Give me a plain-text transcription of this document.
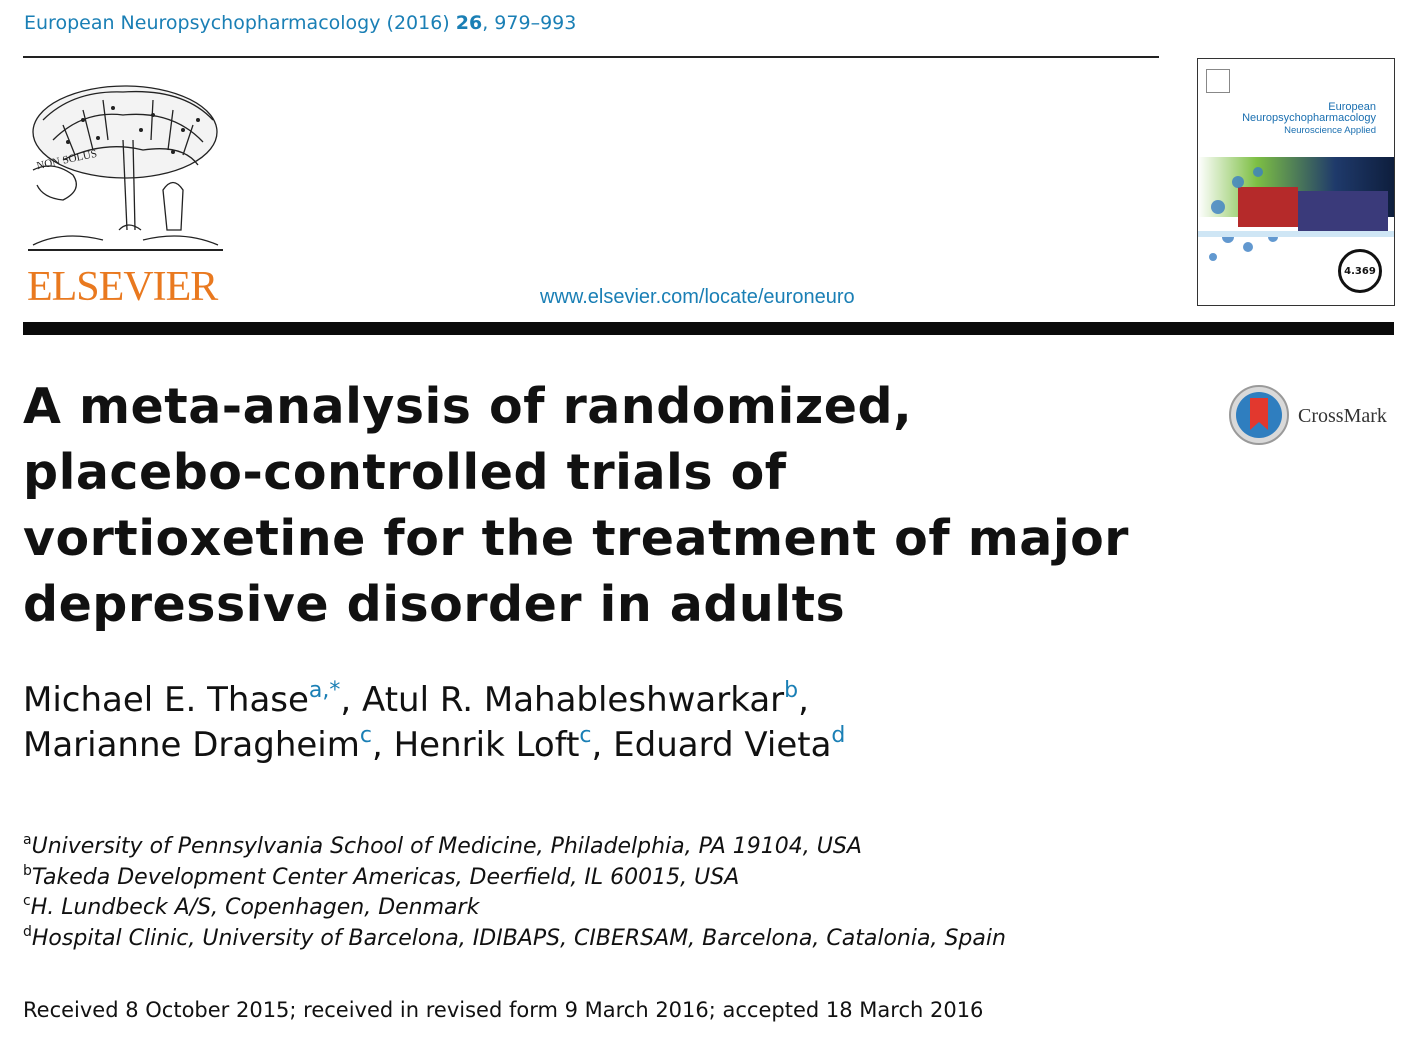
European Neuropsychopharmacology (2016) 26, 979–993
NON SOLUS
ELSEVIER	www.elsevier.com/locate/euroneuro
European
Neuropsychopharmacology
Neuroscience Applied
4.369
CrossMark
A meta-analysis of randomized, placebo-controlled trials of vortioxetine for the treatment of major depressive disorder in adults
Michael E. Thase$^{a,*}$, Atul R. Mahableshwarkar$^b$,
Marianne Dragheim$^c$, Henrik Loft$^c$, Eduard Vieta$^d$
$^a$University of Pennsylvania School of Medicine, Philadelphia, PA 19104, USA
$^b$Takeda Development Center Americas, Deerfield, IL 60015, USA
$^c$H. Lundbeck A/S, Copenhagen, Denmark
$^d$Hospital Clinic, University of Barcelona, IDIBAPS, CIBERSAM, Barcelona, Catalonia, Spain
Received 8 October 2015; received in revised form 9 March 2016; accepted 18 March 2016
